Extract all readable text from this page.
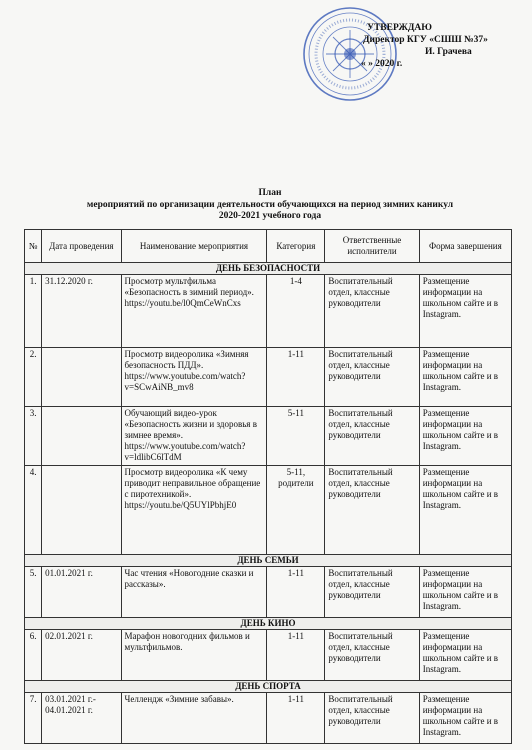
УТВЕРЖДАЮ
Директор КГУ «СШШ №37»
И. Грачева
« » 2020 г.
План
мероприятий по организации деятельности обучающихся на период зимних каникул
2020-2021 учебного года
№	Дата проведения	Наименование мероприятия	Категория	Ответственные исполнители	Форма завершения
ДЕНЬ БЕЗОПАСНОСТИ					
1.	31.12.2020 г.	Просмотр мультфильма «Безопасность в зимний период». https://youtu.be/l0QmCeWnCxs	1-4	Воспитательный отдел, классные руководители	Размещение информации на школьном сайте и в Instagram.
2.		Просмотр видеоролика «Зимняя безопасность ПДД». https://www.youtube.com/watch?v=SCwAiNB_mv8	1-11	Воспитательный отдел, классные руководители	Размещение информации на школьном сайте и в Instagram.
3.		Обучающий видео-урок «Безопасность жизни и здоровья в зимнее время». https://www.youtube.com/watch?v=ldlibC6lTdM	5-11	Воспитательный отдел, классные руководители	Размещение информации на школьном сайте и в Instagram.
4.		Просмотр видеоролика «К чему приводит неправильное обращение с пиротехникой». https://youtu.be/Q5UYlPbhjE0	5-11, родители	Воспитательный отдел, классные руководители	Размещение информации на школьном сайте и в Instagram.
ДЕНЬ СЕМЬИ					
5.	01.01.2021 г.	Час чтения «Новогодние сказки и рассказы».	1-11	Воспитательный отдел, классные руководители	Размещение информации на школьном сайте и в Instagram.
ДЕНЬ КИНО					
6.	02.01.2021 г.	Марафон новогодних фильмов и мультфильмов.	1-11	Воспитательный отдел, классные руководители	Размещение информации на школьном сайте и в Instagram.
ДЕНЬ СПОРТА					
7.	03.01.2021 г.- 04.01.2021 г.	Челлендж «Зимние забавы».	1-11	Воспитательный отдел, классные руководители	Размещение информации на школьном сайте и в Instagram.
